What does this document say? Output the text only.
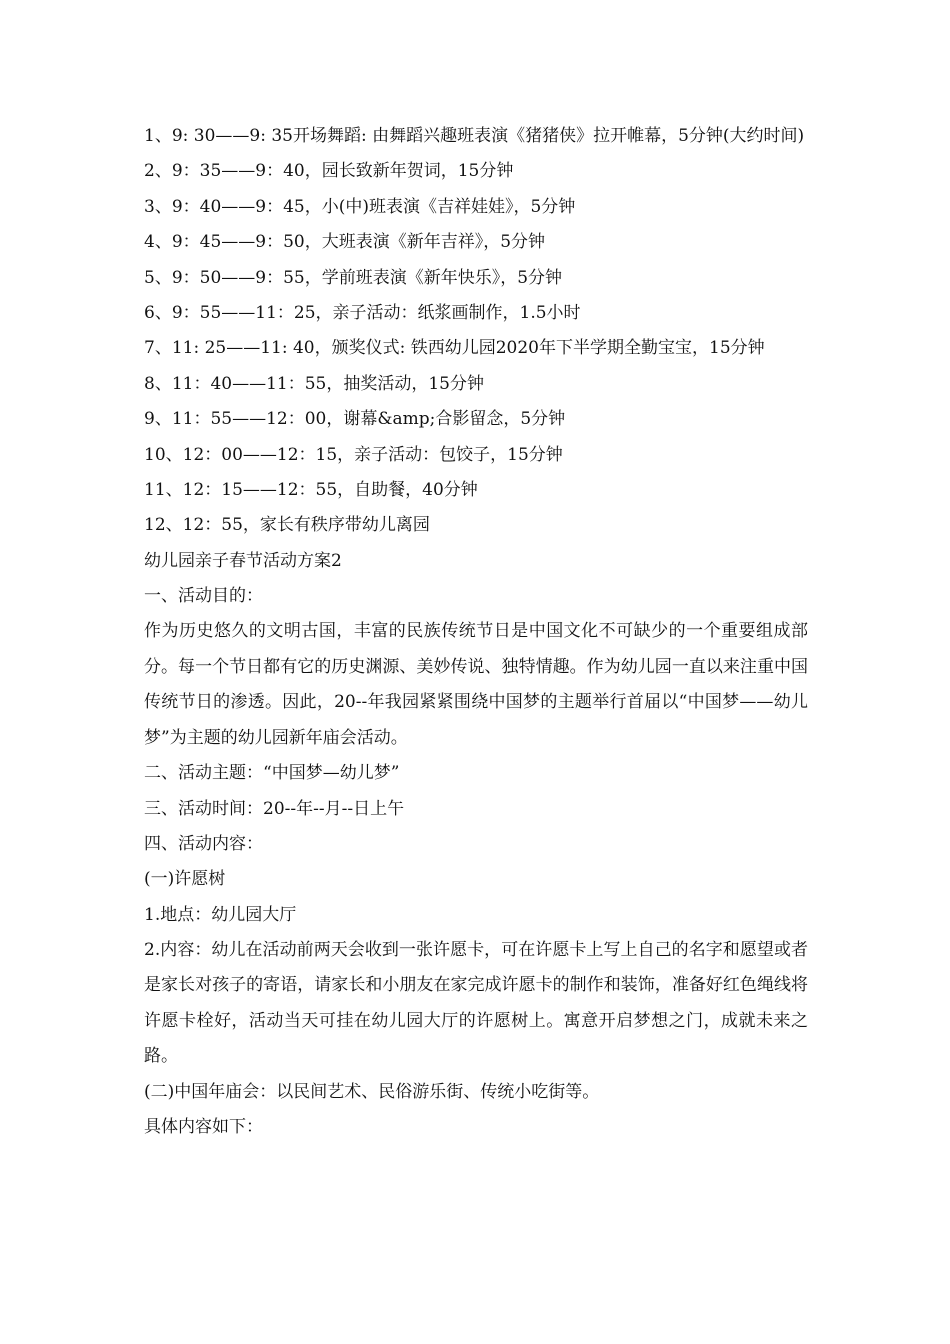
1、9: 30——9: 35开场舞蹈: 由舞蹈兴趣班表演《猪猪侠》拉开帷幕，5分钟(大约时间)
2、9：35——9：40，园长致新年贺词，15分钟
3、9：40——9：45，小(中)班表演《吉祥娃娃》，5分钟
4、9：45——9：50，大班表演《新年吉祥》，5分钟
5、9：50——9：55，学前班表演《新年快乐》，5分钟
6、9：55——11：25，亲子活动：纸浆画制作，1.5小时
7、11: 25——11: 40，颁奖仪式: 铁西幼儿园2020年下半学期全勤宝宝，15分钟
8、11：40——11：55，抽奖活动，15分钟
9、11：55——12：00，谢幕&amp;合影留念，5分钟
10、12：00——12：15，亲子活动：包饺子，15分钟
11、12：15——12：55，自助餐，40分钟
12、12：55，家长有秩序带幼儿离园
幼儿园亲子春节活动方案2
一、活动目的：
作为历史悠久的文明古国，丰富的民族传统节日是中国文化不可缺少的一个重要组成部分。每一个节日都有它的历史渊源、美妙传说、独特情趣。作为幼儿园一直以来注重中国传统节日的渗透。因此，20--年我园紧紧围绕中国梦的主题举行首届以“中国梦——幼儿梦”为主题的幼儿园新年庙会活动。
二、活动主题：“中国梦—幼儿梦”
三、活动时间：20--年--月--日上午
四、活动内容：
(一)许愿树
1.地点：幼儿园大厅
2.内容：幼儿在活动前两天会收到一张许愿卡，可在许愿卡上写上自己的名字和愿望或者是家长对孩子的寄语，请家长和小朋友在家完成许愿卡的制作和装饰，准备好红色绳线将许愿卡栓好，活动当天可挂在幼儿园大厅的许愿树上。寓意开启梦想之门，成就未来之路。
(二)中国年庙会：以民间艺术、民俗游乐街、传统小吃街等。
具体内容如下：
